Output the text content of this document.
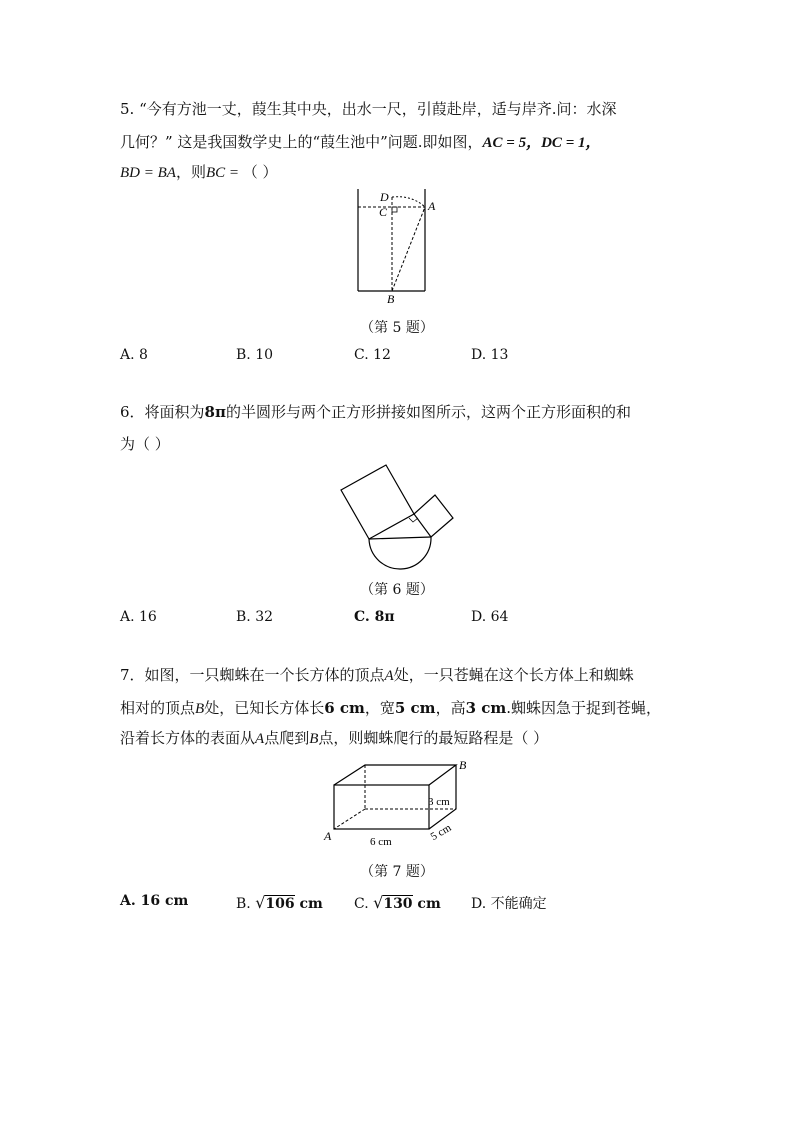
5. “今有方池一丈，葭生其中央，出水一尺，引葭赴岸，适与岸齐.问：水深
几何？” 这是我国数学史上的“葭生池中”问题.即如图，AC = 5，DC = 1，
BD = BA，则BC = （ ）
D
C	A
B
（第 5 题）
A. 8	B. 10	C. 12	D. 13
6．将面积为8π的半圆形与两个正方形拼接如图所示，这两个正方形面积的和
为（ ）
（第 6 题）
A. 16	B. 32	C. 8π	D. 64
7．如图，一只蜘蛛在一个长方体的顶点A处，一只苍蝇在这个长方体上和蜘蛛
相对的顶点B处，已知长方体长6 cm，宽5 cm，高3 cm.蜘蛛因急于捉到苍蝇，
沿着长方体的表面从A点爬到B点，则蜘蛛爬行的最短路程是（ ）
A
B
3 cm
5 cm
6 cm
（第 7 题）
A. 16 cm	B. √106 cm C. √130 cm D. 不能确定
